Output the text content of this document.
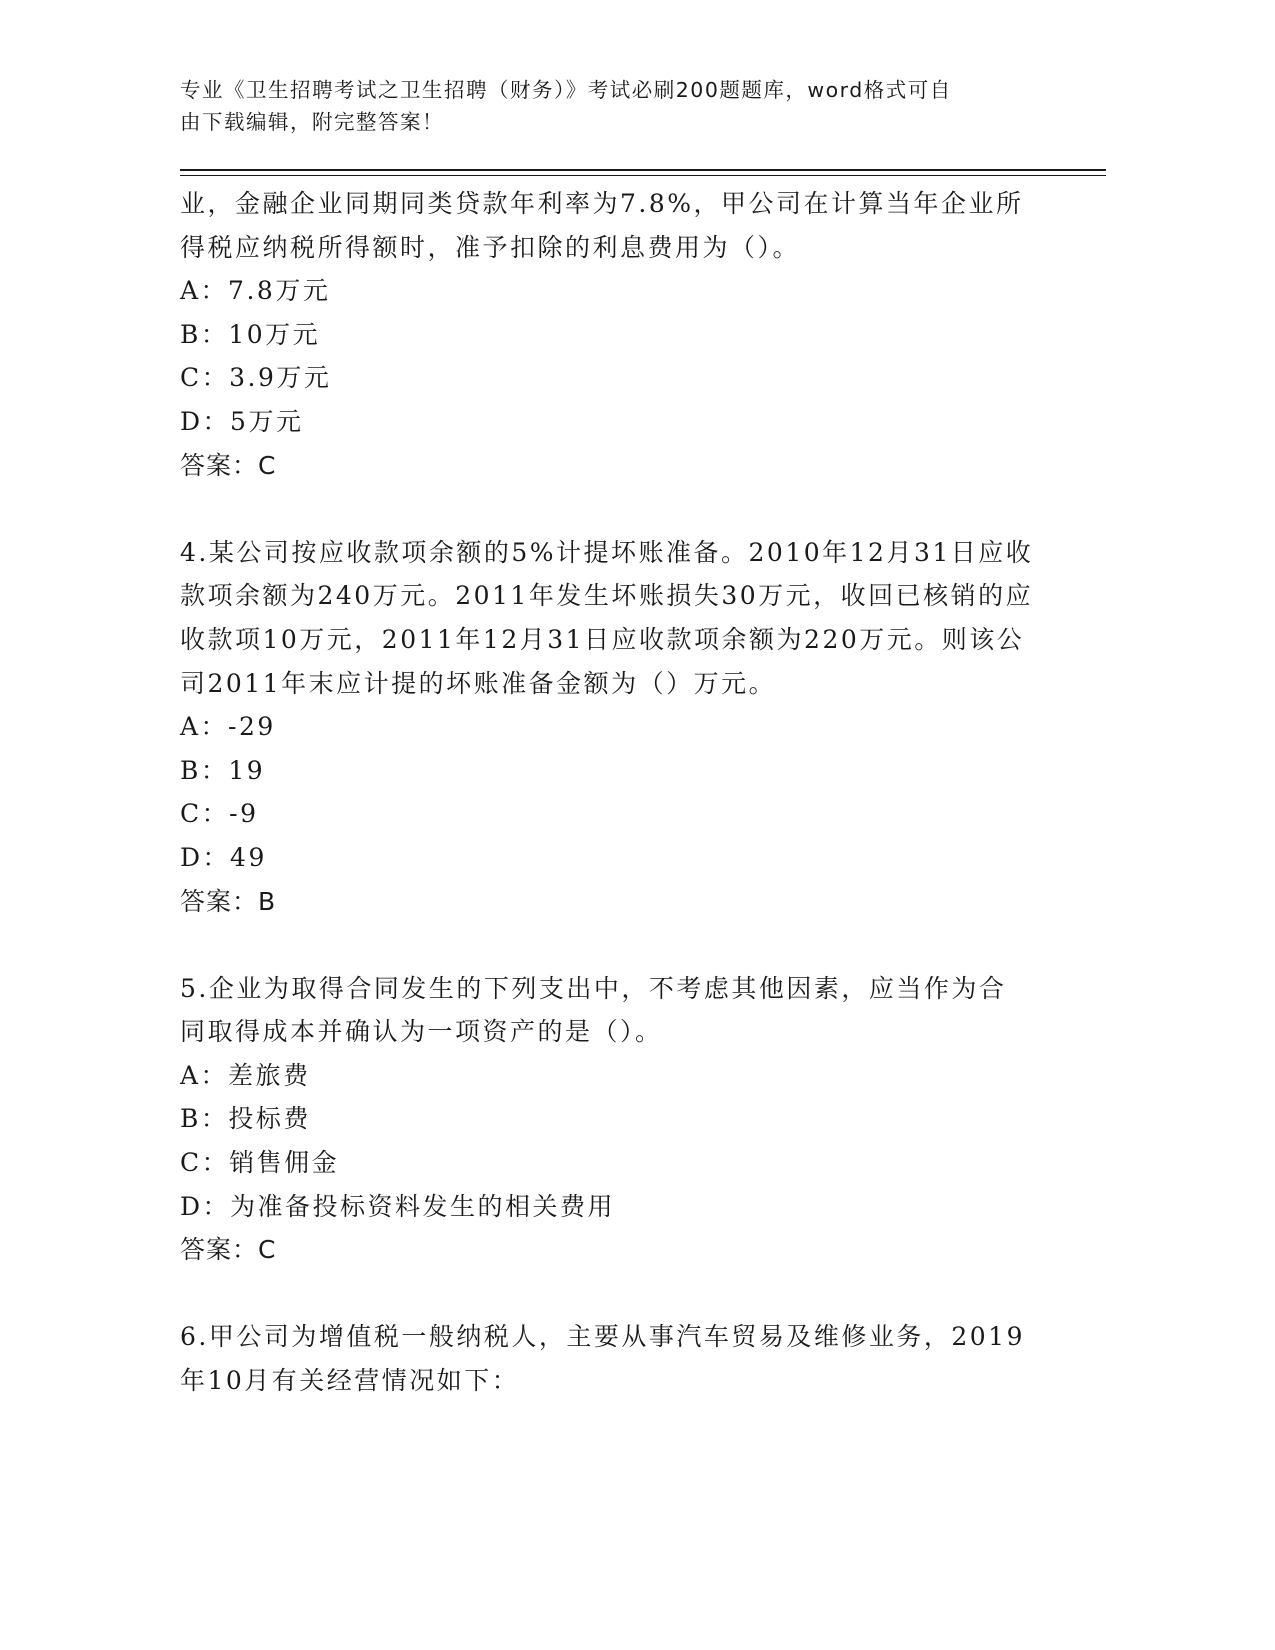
专业《卫生招聘考试之卫生招聘（财务）》考试必刷200题题库，word格式可自
由下载编辑，附完整答案！
业，金融企业同期同类贷款年利率为7.8%，甲公司在计算当年企业所
得税应纳税所得额时，准予扣除的利息费用为（）。
A：7.8万元
B：10万元
C：3.9万元
D：5万元
答案：C
4.某公司按应收款项余额的5%计提坏账准备。2010年12月31日应收
款项余额为240万元。2011年发生坏账损失30万元，收回已核销的应
收款项10万元，2011年12月31日应收款项余额为220万元。则该公
司2011年末应计提的坏账准备金额为（）万元。
A：-29
B：19
C：-9
D：49
答案：B
5.企业为取得合同发生的下列支出中，不考虑其他因素，应当作为合
同取得成本并确认为一项资产的是（）。
A：差旅费
B：投标费
C：销售佣金
D：为准备投标资料发生的相关费用
答案：C
6.甲公司为增值税一般纳税人，主要从事汽车贸易及维修业务，2019
年10月有关经营情况如下：
